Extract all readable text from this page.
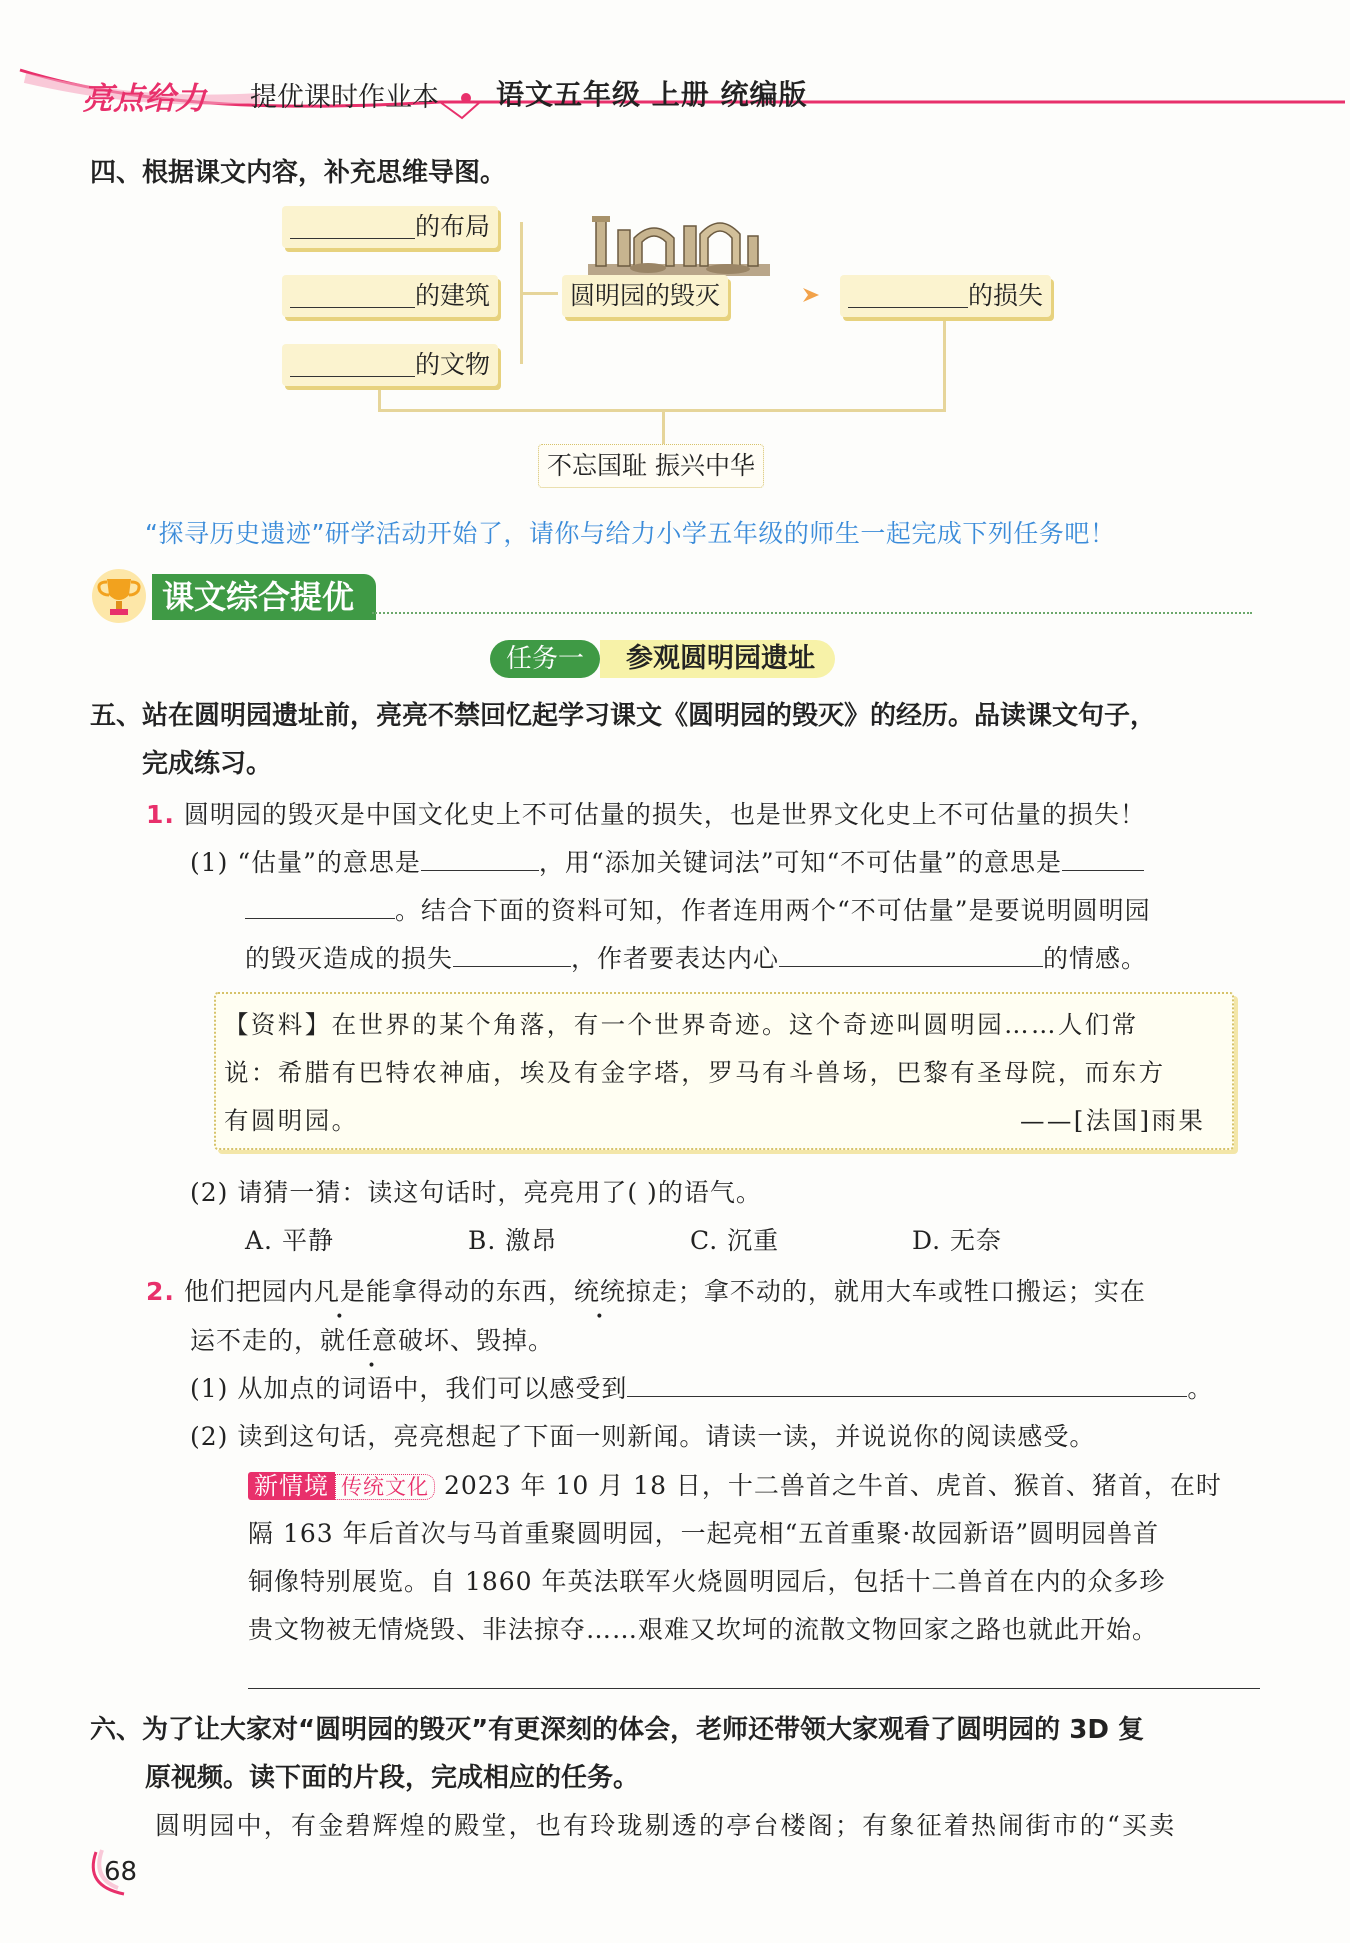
亮点给力 提优课时作业本 语文五年级 上册 统编版
四、根据课文内容，补充思维导图。
的布局
的建筑
的文物
圆明园的毁灭	的损失
不忘国耻 振兴中华
“探寻历史遗迹”研学活动开始了，请你与给力小学五年级的师生一起完成下列任务吧！
课文综合提优
参观圆明园遗址
任务一
五、站在圆明园遗址前，亮亮不禁回忆起学习课文《圆明园的毁灭》的经历。品读课文句子，
完成练习。
1. 圆明园的毁灭是中国文化史上不可估量的损失，也是世界文化史上不可估量的损失！
(1) “估量”的意思是	，用“添加关键词法”可知“不可估量”的意思是
。结合下面的资料可知，作者连用两个“不可估量”是要说明圆明园
的毁灭造成的损失	，作者要表达内心	的情感。
【资料】在世界的某个角落，有一个世界奇迹。这个奇迹叫圆明园……人们常
说：希腊有巴特农神庙，埃及有金字塔，罗马有斗兽场，巴黎有圣母院，而东方
有圆明园。	——[法国]雨果
(2) 请猜一猜：读这句话时，亮亮用了( )的语气。
A. 平静	B. 激昂	C. 沉重	D. 无奈
2. 他们把园内凡是能拿得动的东西，统统掠走；拿不动的，就用大车或牲口搬运；实在
运不走的，就任意破坏、毁掉。
(1) 从加点的词语中，我们可以感受到	。
(2) 读到这句话，亮亮想起了下面一则新闻。请读一读，并说说你的阅读感受。
新情境 传统文化 2023 年 10 月 18 日，十二兽首之牛首、虎首、猴首、猪首，在时
隔 163 年后首次与马首重聚圆明园，一起亮相“五首重聚·故园新语”圆明园兽首
铜像特别展览。自 1860 年英法联军火烧圆明园后，包括十二兽首在内的众多珍
贵文物被无情烧毁、非法掠夺……艰难又坎坷的流散文物回家之路也就此开始。
六、为了让大家对“圆明园的毁灭”有更深刻的体会，老师还带领大家观看了圆明园的 3D 复
原视频。读下面的片段，完成相应的任务。
圆明园中，有金碧辉煌的殿堂，也有玲珑剔透的亭台楼阁；有象征着热闹街市的“买卖
68
